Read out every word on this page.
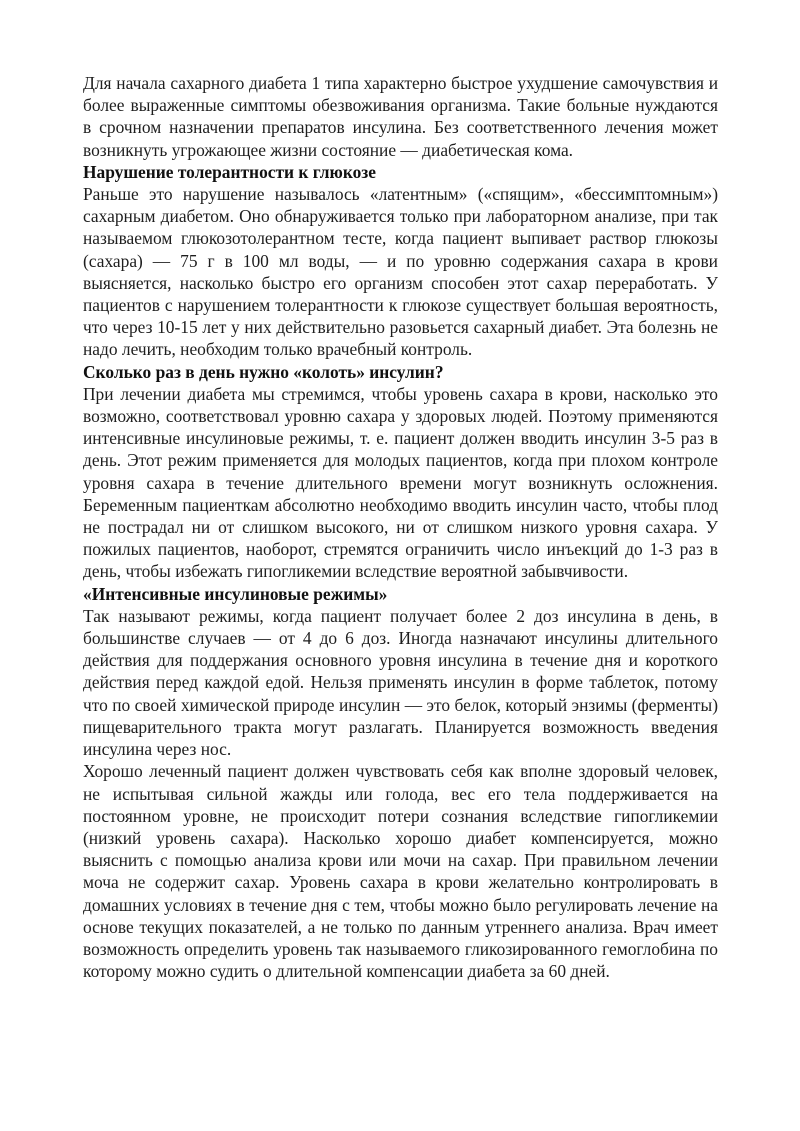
Для начала сахарного диабета 1 типа характерно быстрое ухудшение самочувствия и более выраженные симптомы обезвоживания организма. Такие больные нуждаются в срочном назначении препаратов инсулина. Без соответственного лечения может возникнуть угрожающее жизни состояние — диабетическая кома.

Нарушение толерантности к глюкозе

Раньше это нарушение называлось «латентным» («спящим», «бессимптомным») сахарным диабетом. Оно обнаруживается только при лабораторном анализе, при так называемом глюкозотолерантном тесте, когда пациент выпивает раствор глюкозы (сахара) — 75 г в 100 мл воды, — и по уровню содержания сахара в крови выясняется, насколько быстро его организм способен этот сахар переработать. У пациентов с нарушением толерантности к глюкозе существует большая вероятность, что через 10-15 лет у них действительно разовьется сахарный диабет. Эта болезнь не надо лечить, необходим только врачебный контроль.

Сколько раз в день нужно «колоть» инсулин?

При лечении диабета мы стремимся, чтобы уровень сахара в крови, насколько это возможно, соответствовал уровню сахара у здоровых людей. Поэтому применяются интенсивные инсулиновые режимы, т. е. пациент должен вводить инсулин 3-5 раз в день. Этот режим применяется для молодых пациентов, когда при плохом контроле уровня сахара в течение длительного времени могут возникнуть осложнения. Беременным пациенткам абсолютно необходимо вводить инсулин часто, чтобы плод не пострадал ни от слишком высокого, ни от слишком низкого уровня сахара. У пожилых пациентов, наоборот, стремятся ограничить число инъекций до 1-3 раз в день, чтобы избежать гипогликемии вследствие вероятной забывчивости.

«Интенсивные инсулиновые режимы»

Так называют режимы, когда пациент получает более 2 доз инсулина в день, в большинстве случаев — от 4 до 6 доз. Иногда назначают инсулины длительного действия для поддержания основного уровня инсулина в течение дня и короткого действия перед каждой едой. Нельзя применять инсулин в форме таблеток, потому что по своей химической природе инсулин — это белок, который энзимы (ферменты) пищеварительного тракта могут разлагать. Планируется возможность введения инсулина через нос.

Хорошо леченный пациент должен чувствовать себя как вполне здоровый человек, не испытывая сильной жажды или голода, вес его тела поддерживается на постоянном уровне, не происходит потери сознания вследствие гипогликемии (низкий уровень сахара). Насколько хорошо диабет компенсируется, можно выяснить с помощью анализа крови или мочи на сахар. При правильном лечении моча не содержит сахар. Уровень сахара в крови желательно контролировать в домашних условиях в течение дня с тем, чтобы можно было регулировать лечение на основе текущих показателей, а не только по данным утреннего анализа. Врач имеет возможность определить уровень так называемого гликозированного гемоглобина по которому можно судить о длительной компенсации диабета за 60 дней.
